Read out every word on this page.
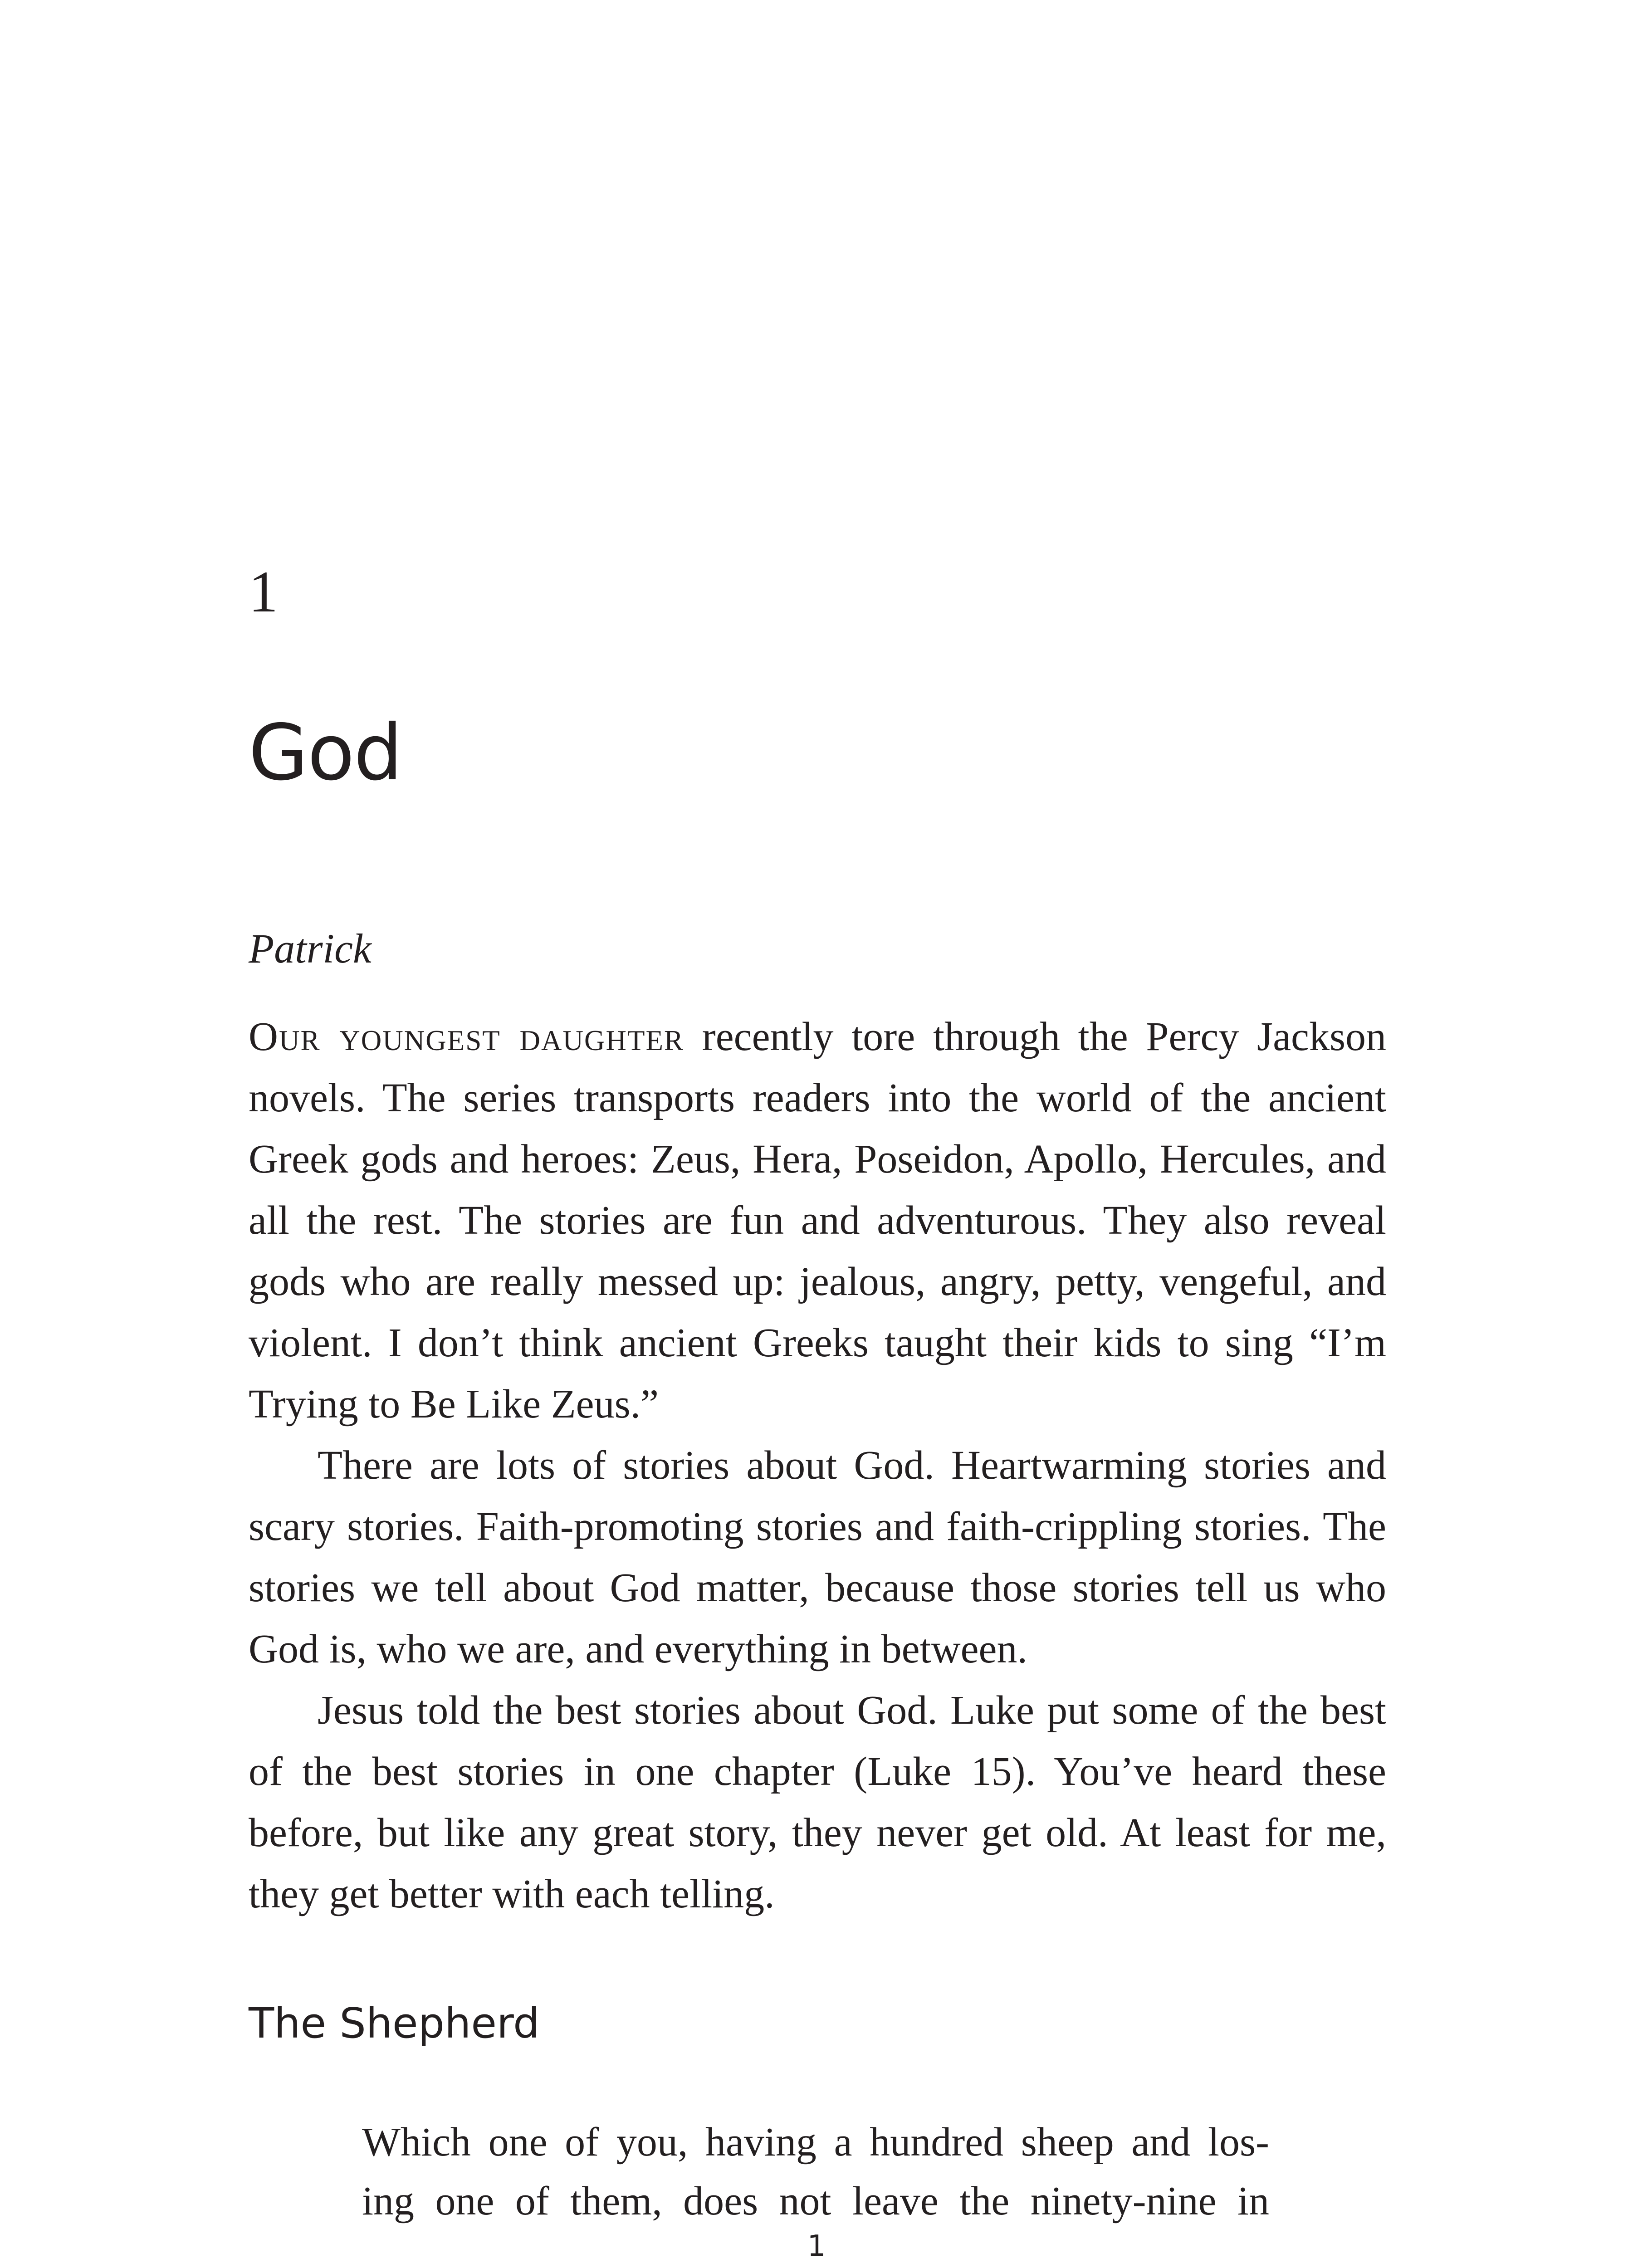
1
God
Patrick

Our youngest daughter recently tore through the Percy Jackson novels. The series transports readers into the world of the ancient Greek gods and heroes: Zeus, Hera, Poseidon, Apollo, Hercules, and all the rest. The stories are fun and adventurous. They also reveal gods who are really messed up: jealous, angry, petty, vengeful, and violent. I don’t think ancient Greeks taught their kids to sing “I’m Trying to Be Like Zeus.”

There are lots of stories about God. Heartwarming stories and scary stories. Faith-promoting stories and faith-crippling stories. The stories we tell about God matter, because those stories tell us who God is, who we are, and everything in between.

Jesus told the best stories about God. Luke put some of the best of the best stories in one chapter (Luke 15). You’ve heard these before, but like any great story, they never get old. At least for me, they get better with each telling.

The Shepherd
Which one of you, having a hundred sheep and los-
ing one of them, does not leave the ninety-nine in
1
